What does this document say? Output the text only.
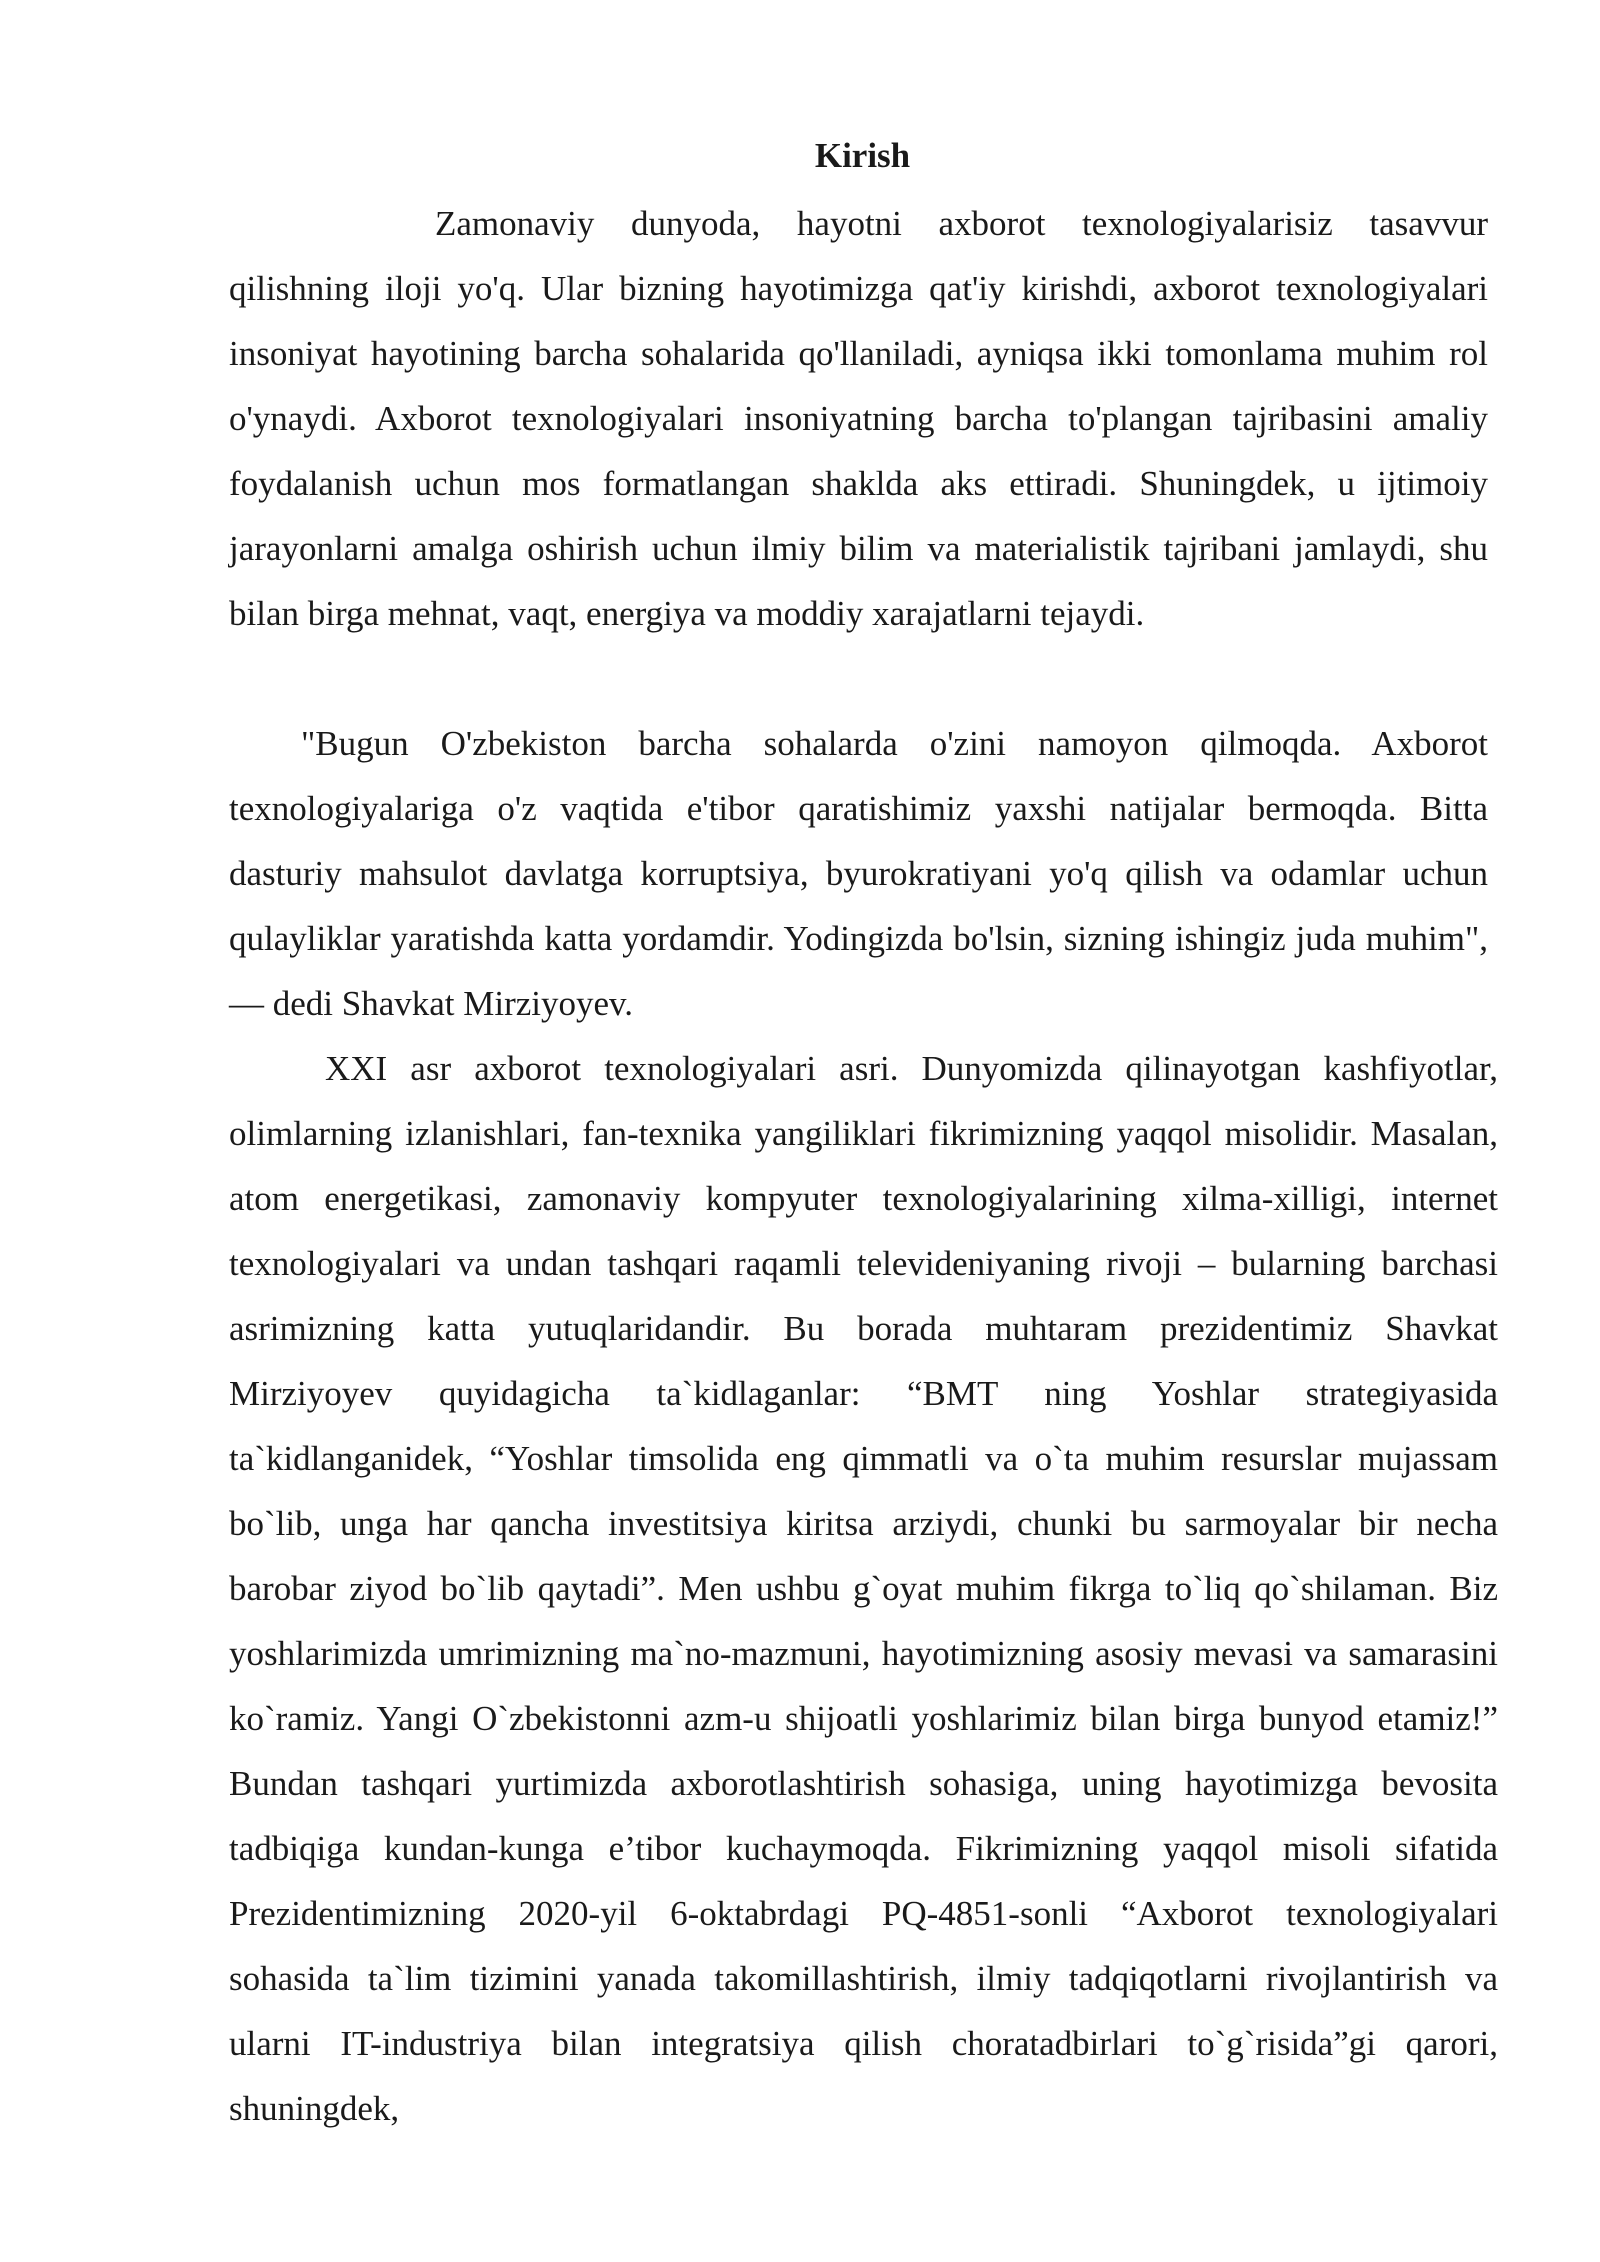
Kirish

Zamonaviy dunyoda, hayotni axborot texnologiyalarisiz tasavvur qilishning iloji yo'q. Ular bizning hayotimizga qat'iy kirishdi, axborot texnologiyalari insoniyat hayotining barcha sohalarida qo'llaniladi, ayniqsa ikki tomonlama muhim rol o'ynaydi. Axborot texnologiyalari insoniyatning barcha to'plangan tajribasini amaliy foydalanish uchun mos formatlangan shaklda aks ettiradi. Shuningdek, u ijtimoiy jarayonlarni amalga oshirish uchun ilmiy bilim va materialistik tajribani jamlaydi, shu bilan birga mehnat, vaqt, energiya va moddiy xarajatlarni tejaydi.

"Bugun O'zbekiston barcha sohalarda o'zini namoyon qilmoqda. Axborot texnologiyalariga o'z vaqtida e'tibor qaratishimiz yaxshi natijalar bermoqda. Bitta dasturiy mahsulot davlatga korruptsiya, byurokratiyani yo'q qilish va odamlar uchun qulayliklar yaratishda katta yordamdir. Yodingizda bo'lsin, sizning ishingiz juda muhim", — dedi Shavkat Mirziyoyev.

XXI asr axborot texnologiyalari asri. Dunyomizda qilinayotgan kashfiyotlar, olimlarning izlanishlari, fan-texnika yangiliklari fikrimizning yaqqol misolidir. Masalan, atom energetikasi, zamonaviy kompyuter texnologiyalarining xilma-xilligi, internet texnologiyalari va undan tashqari raqamli televideniyaning rivoji – bularning barchasi asrimizning katta yutuqlaridandir. Bu borada muhtaram prezidentimiz Shavkat Mirziyoyev quyidagicha ta`kidlaganlar: “BMT ning Yoshlar strategiyasida ta`kidlanganidek, “Yoshlar timsolida eng qimmatli va o`ta muhim resurslar mujassam bo`lib, unga har qancha investitsiya kiritsa arziydi, chunki bu sarmoyalar bir necha barobar ziyod bo`lib qaytadi”. Men ushbu g`oyat muhim fikrga to`liq qo`shilaman. Biz yoshlarimizda umrimizning ma`no-mazmuni, hayotimizning asosiy mevasi va samarasini ko`ramiz. Yangi O`zbekistonni azm-u shijoatli yoshlarimiz bilan birga bunyod etamiz!” Bundan tashqari yurtimizda axborotlashtirish sohasiga, uning hayotimizga bevosita tadbiqiga kundan-kunga e’tibor kuchaymoqda. Fikrimizning yaqqol misoli sifatida Prezidentimizning 2020-yil 6-oktabrdagi PQ-4851-sonli “Axborot texnologiyalari sohasida ta`lim tizimini yanada takomillashtirish, ilmiy tadqiqotlarni rivojlantirish va ularni IT-industriya bilan integratsiya qilish choratadbirlari to`g`risida”gi qarori, shuningdek,
